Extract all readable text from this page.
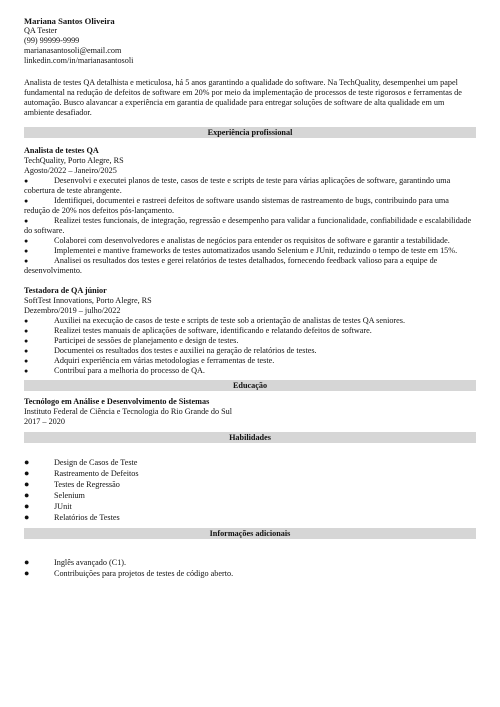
Mariana Santos Oliveira
QA Tester
(99) 99999-9999
marianasantosoli@email.com
linkedin.com/in/marianasantosoli
Analista de testes QA detalhista e meticulosa, há 5 anos garantindo a qualidade do software. Na TechQuality, desempenhei um papel fundamental na redução de defeitos de software em 20% por meio da implementação de processos de teste rigorosos e ferramentas de automação. Busco alavancar a experiência em garantia de qualidade para entregar soluções de software de alta qualidade em um ambiente desafiador.
Experiência profissional
Analista de testes QA
TechQuality, Porto Alegre, RS
Agosto/2022 – Janeiro/2025
●	Desenvolvi e executei planos de teste, casos de teste e scripts de teste para várias aplicações de software, garantindo uma cobertura de teste abrangente.
●	Identifiquei, documentei e rastreei defeitos de software usando sistemas de rastreamento de bugs, contribuindo para uma redução de 20% nos defeitos pós-lançamento.
●	Realizei testes funcionais, de integração, regressão e desempenho para validar a funcionalidade, confiabilidade e escalabilidade do software.
●	Colaborei com desenvolvedores e analistas de negócios para entender os requisitos de software e garantir a testabilidade.
●	Implementei e mantive frameworks de testes automatizados usando Selenium e JUnit, reduzindo o tempo de teste em 15%.
●	Analisei os resultados dos testes e gerei relatórios de testes detalhados, fornecendo feedback valioso para a equipe de desenvolvimento.
Testadora de QA júnior
SoftTest Innovations, Porto Alegre, RS
Dezembro/2019 – julho/2022
●	Auxiliei na execução de casos de teste e scripts de teste sob a orientação de analistas de testes QA seniores.
●	Realizei testes manuais de aplicações de software, identificando e relatando defeitos de software.
●	Participei de sessões de planejamento e design de testes.
●	Documentei os resultados dos testes e auxiliei na geração de relatórios de testes.
●	Adquiri experiência em várias metodologias e ferramentas de teste.
●	Contribuí para a melhoria do processo de QA.
Educação
Tecnólogo em Análise e Desenvolvimento de Sistemas
Instituto Federal de Ciência e Tecnologia do Rio Grande do Sul
2017 – 2020
Habilidades
●	Design de Casos de Teste
●	Rastreamento de Defeitos
●	Testes de Regressão
●	Selenium
●	JUnit
●	Relatórios de Testes
Informações adicionais
●	Inglês avançado (C1).
●	Contribuições para projetos de testes de código aberto.
